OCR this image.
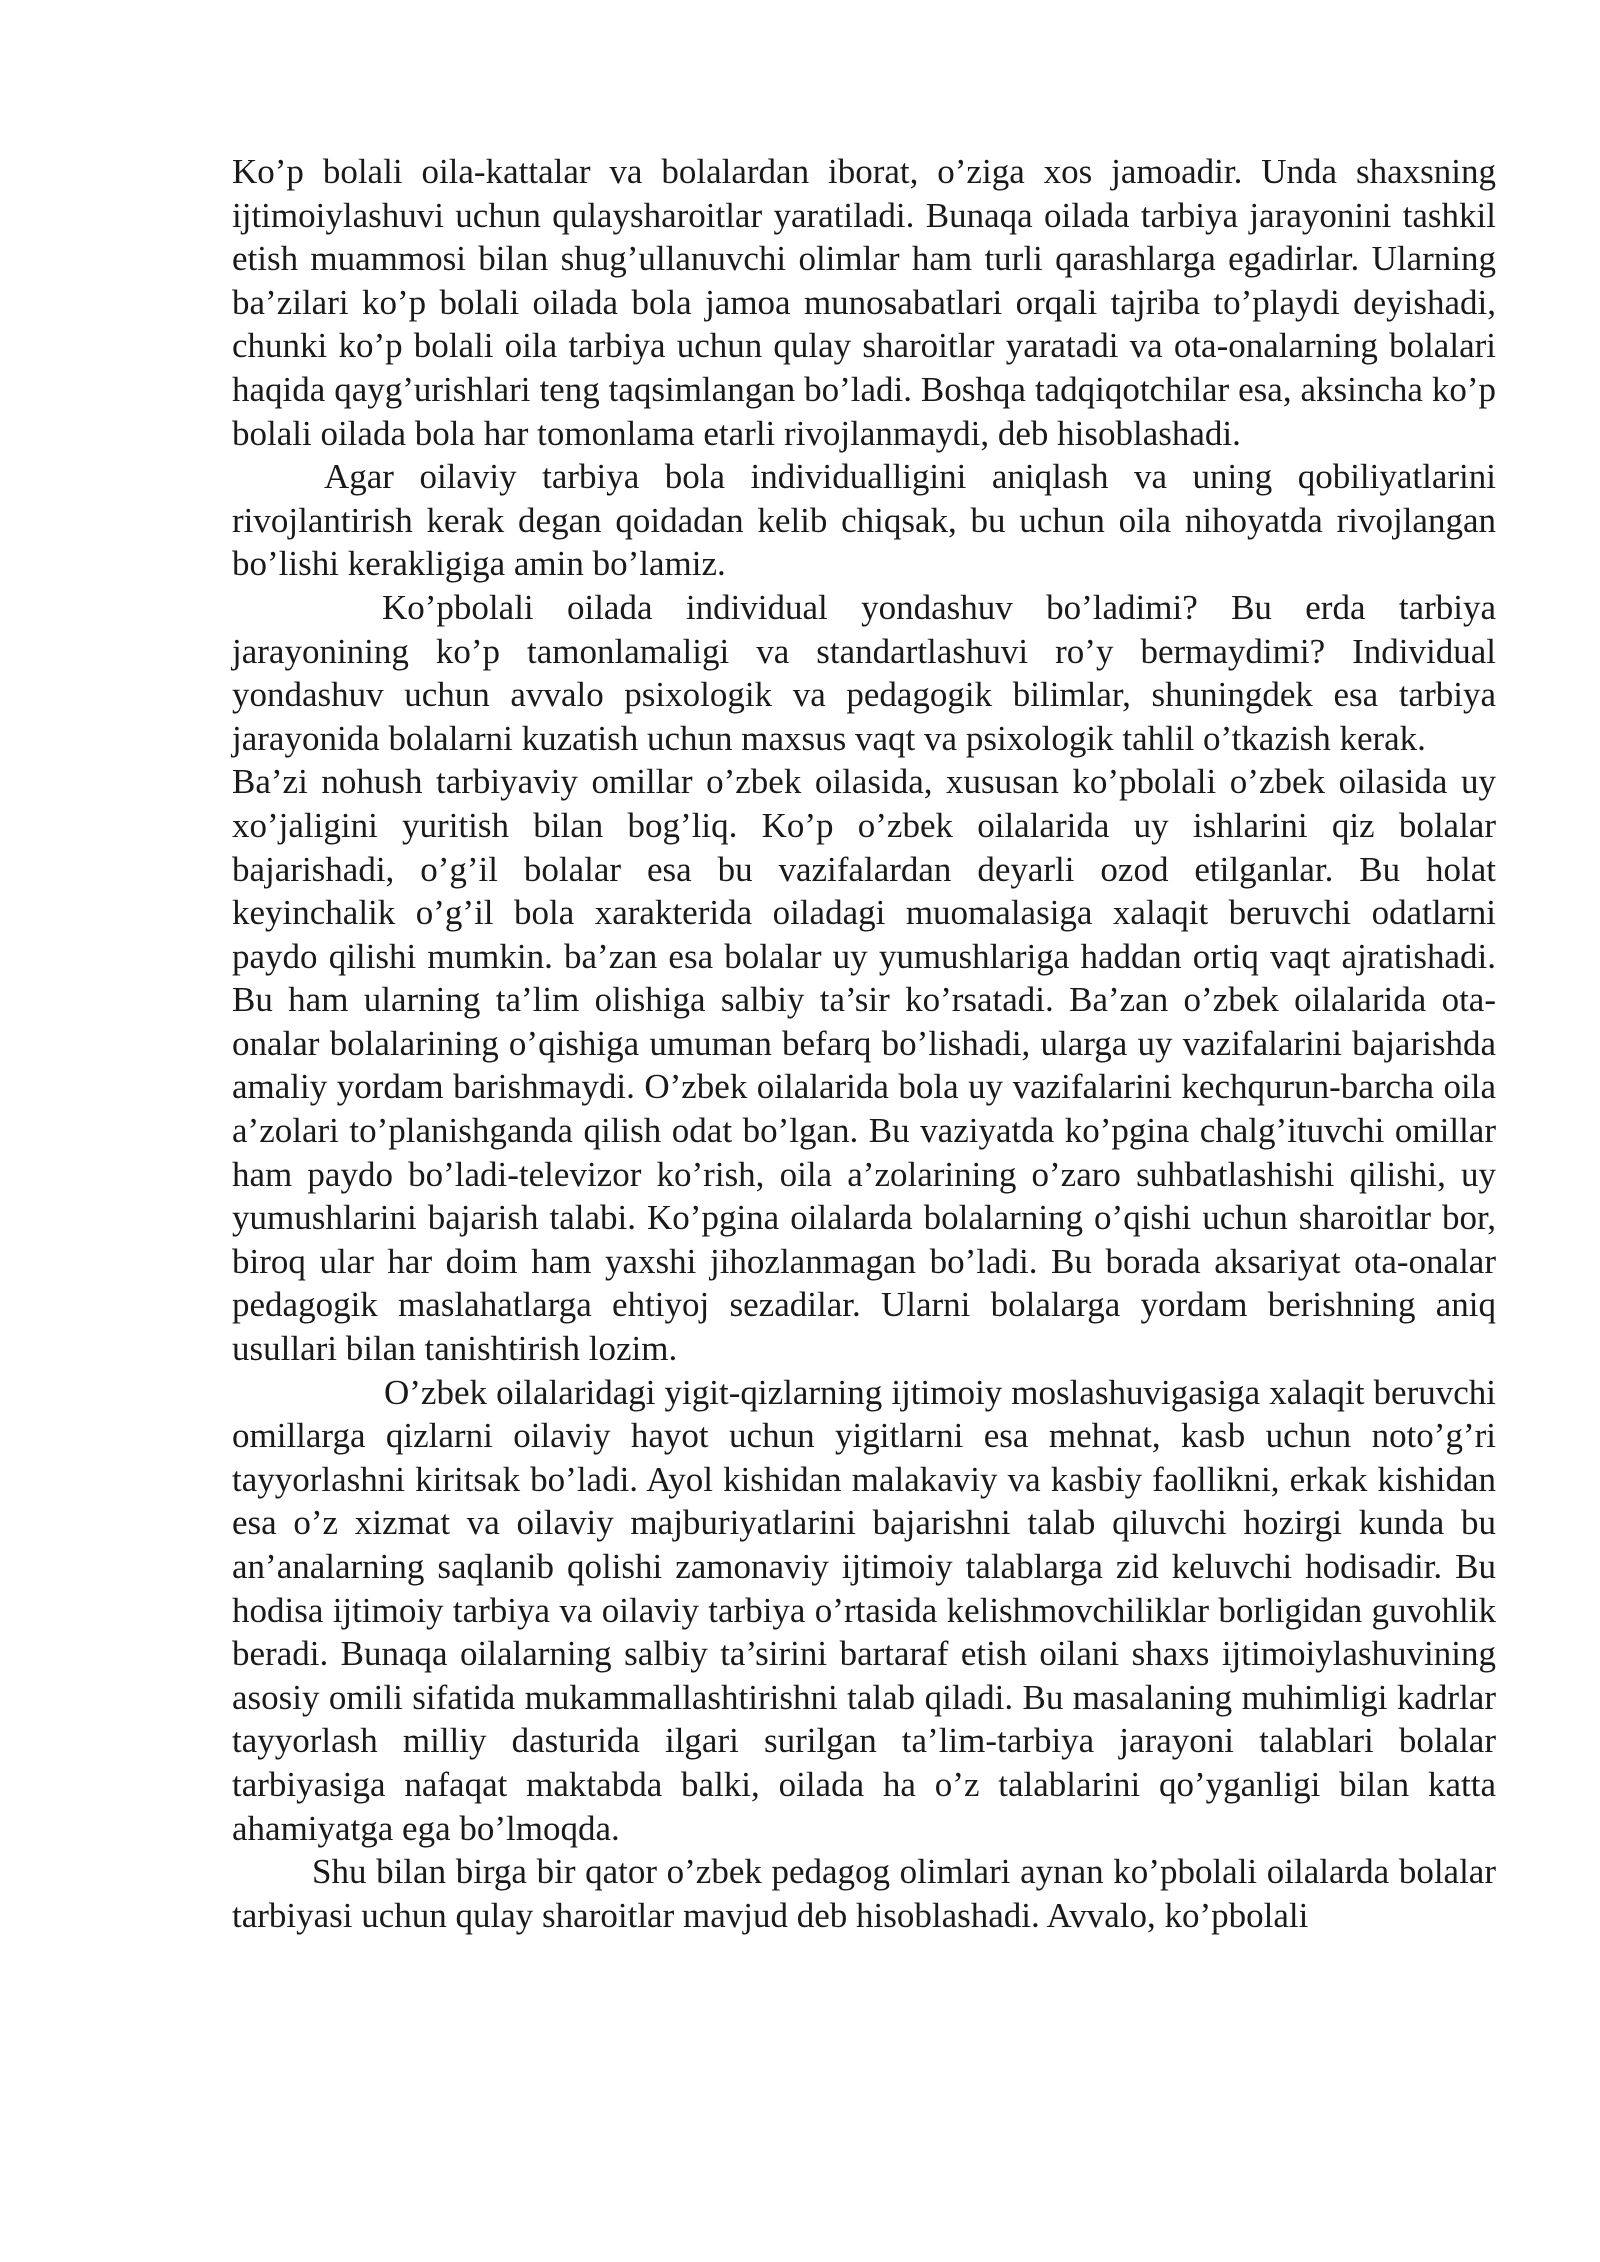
Ko’p bolali oila-kattalar va bolalardan iborat, o’ziga xos jamoadir. Unda shaxsning ijtimoiylashuvi uchun qulaysharoitlar yaratiladi. Bunaqa oilada tarbiya jarayonini tashkil etish muammosi bilan shug’ullanuvchi olimlar ham turli qarashlarga egadirlar. Ularning ba’zilari ko’p bolali oilada bola jamoa munosabatlari orqali tajriba to’playdi deyishadi, chunki ko’p bolali oila tarbiya uchun qulay sharoitlar yaratadi va ota-onalarning bolalari haqida qayg’urishlari teng taqsimlangan bo’ladi. Boshqa tadqiqotchilar esa, aksincha ko’p bolali oilada bola har tomonlama etarli rivojlanmaydi, deb hisoblashadi.

Agar oilaviy tarbiya bola individualligini aniqlash va uning qobiliyatlarini rivojlantirish kerak degan qoidadan kelib chiqsak, bu uchun oila nihoyatda rivojlangan bo’lishi kerakligiga amin bo’lamiz.

Ko’pbolali oilada individual yondashuv bo’ladimi? Bu erda tarbiya jarayonining ko’p tamonlamaligi va standartlashuvi ro’y bermaydimi? Individual yondashuv uchun avvalo psixologik va pedagogik bilimlar, shuningdek esa tarbiya jarayonida bolalarni kuzatish uchun maxsus vaqt va psixologik tahlil o’tkazish kerak.

Ba’zi nohush tarbiyaviy omillar o’zbek oilasida, xususan ko’pbolali o’zbek oilasida uy xo’jaligini yuritish bilan bog’liq. Ko’p o’zbek oilalarida uy ishlarini qiz bolalar bajarishadi, o’g’il bolalar esa bu vazifalardan deyarli ozod etilganlar. Bu holat keyinchalik o’g’il bola xarakterida oiladagi muomalasiga xalaqit beruvchi odatlarni paydo qilishi mumkin. ba’zan esa bolalar uy yumushlariga haddan ortiq vaqt ajratishadi. Bu ham ularning ta’lim olishiga salbiy ta’sir ko’rsatadi. Ba’zan o’zbek oilalarida ota-onalar bolalarining o’qishiga umuman befarq bo’lishadi, ularga uy vazifalarini bajarishda amaliy yordam barishmaydi. O’zbek oilalarida bola uy vazifalarini kechqurun-barcha oila a’zolari to’planishganda qilish odat bo’lgan. Bu vaziyatda ko’pgina chalg’ituvchi omillar ham paydo bo’ladi-televizor ko’rish, oila a’zolarining o’zaro suhbatlashishi qilishi, uy yumushlarini bajarish talabi. Ko’pgina oilalarda bolalarning o’qishi uchun sharoitlar bor, biroq ular har doim ham yaxshi jihozlanmagan bo’ladi. Bu borada aksariyat ota-onalar pedagogik maslahatlarga ehtiyoj sezadilar. Ularni bolalarga yordam berishning aniq usullari bilan tanishtirish lozim.

O’zbek oilalaridagi yigit-qizlarning ijtimoiy moslashuvigasiga xalaqit beruvchi omillarga qizlarni oilaviy hayot uchun yigitlarni esa mehnat, kasb uchun noto’g’ri tayyorlashni kiritsak bo’ladi. Ayol kishidan malakaviy va kasbiy faollikni, erkak kishidan esa o’z xizmat va oilaviy majburiyatlarini bajarishni talab qiluvchi hozirgi kunda bu an’analarning saqlanib qolishi zamonaviy ijtimoiy talablarga zid keluvchi hodisadir. Bu hodisa ijtimoiy tarbiya va oilaviy tarbiya o’rtasida kelishmovchiliklar borligidan guvohlik beradi. Bunaqa oilalarning salbiy ta’sirini bartaraf etish oilani shaxs ijtimoiylashuvining asosiy omili sifatida mukammallashtirishni talab qiladi. Bu masalaning muhimligi kadrlar tayyorlash milliy dasturida ilgari surilgan ta’lim-tarbiya jarayoni talablari bolalar tarbiyasiga nafaqat maktabda balki, oilada ha o’z talablarini qo’yganligi bilan katta ahamiyatga ega bo’lmoqda.

Shu bilan birga bir qator o’zbek pedagog olimlari aynan ko’pbolali oilalarda bolalar tarbiyasi uchun qulay sharoitlar mavjud deb hisoblashadi. Avvalo, ko’pbolali
